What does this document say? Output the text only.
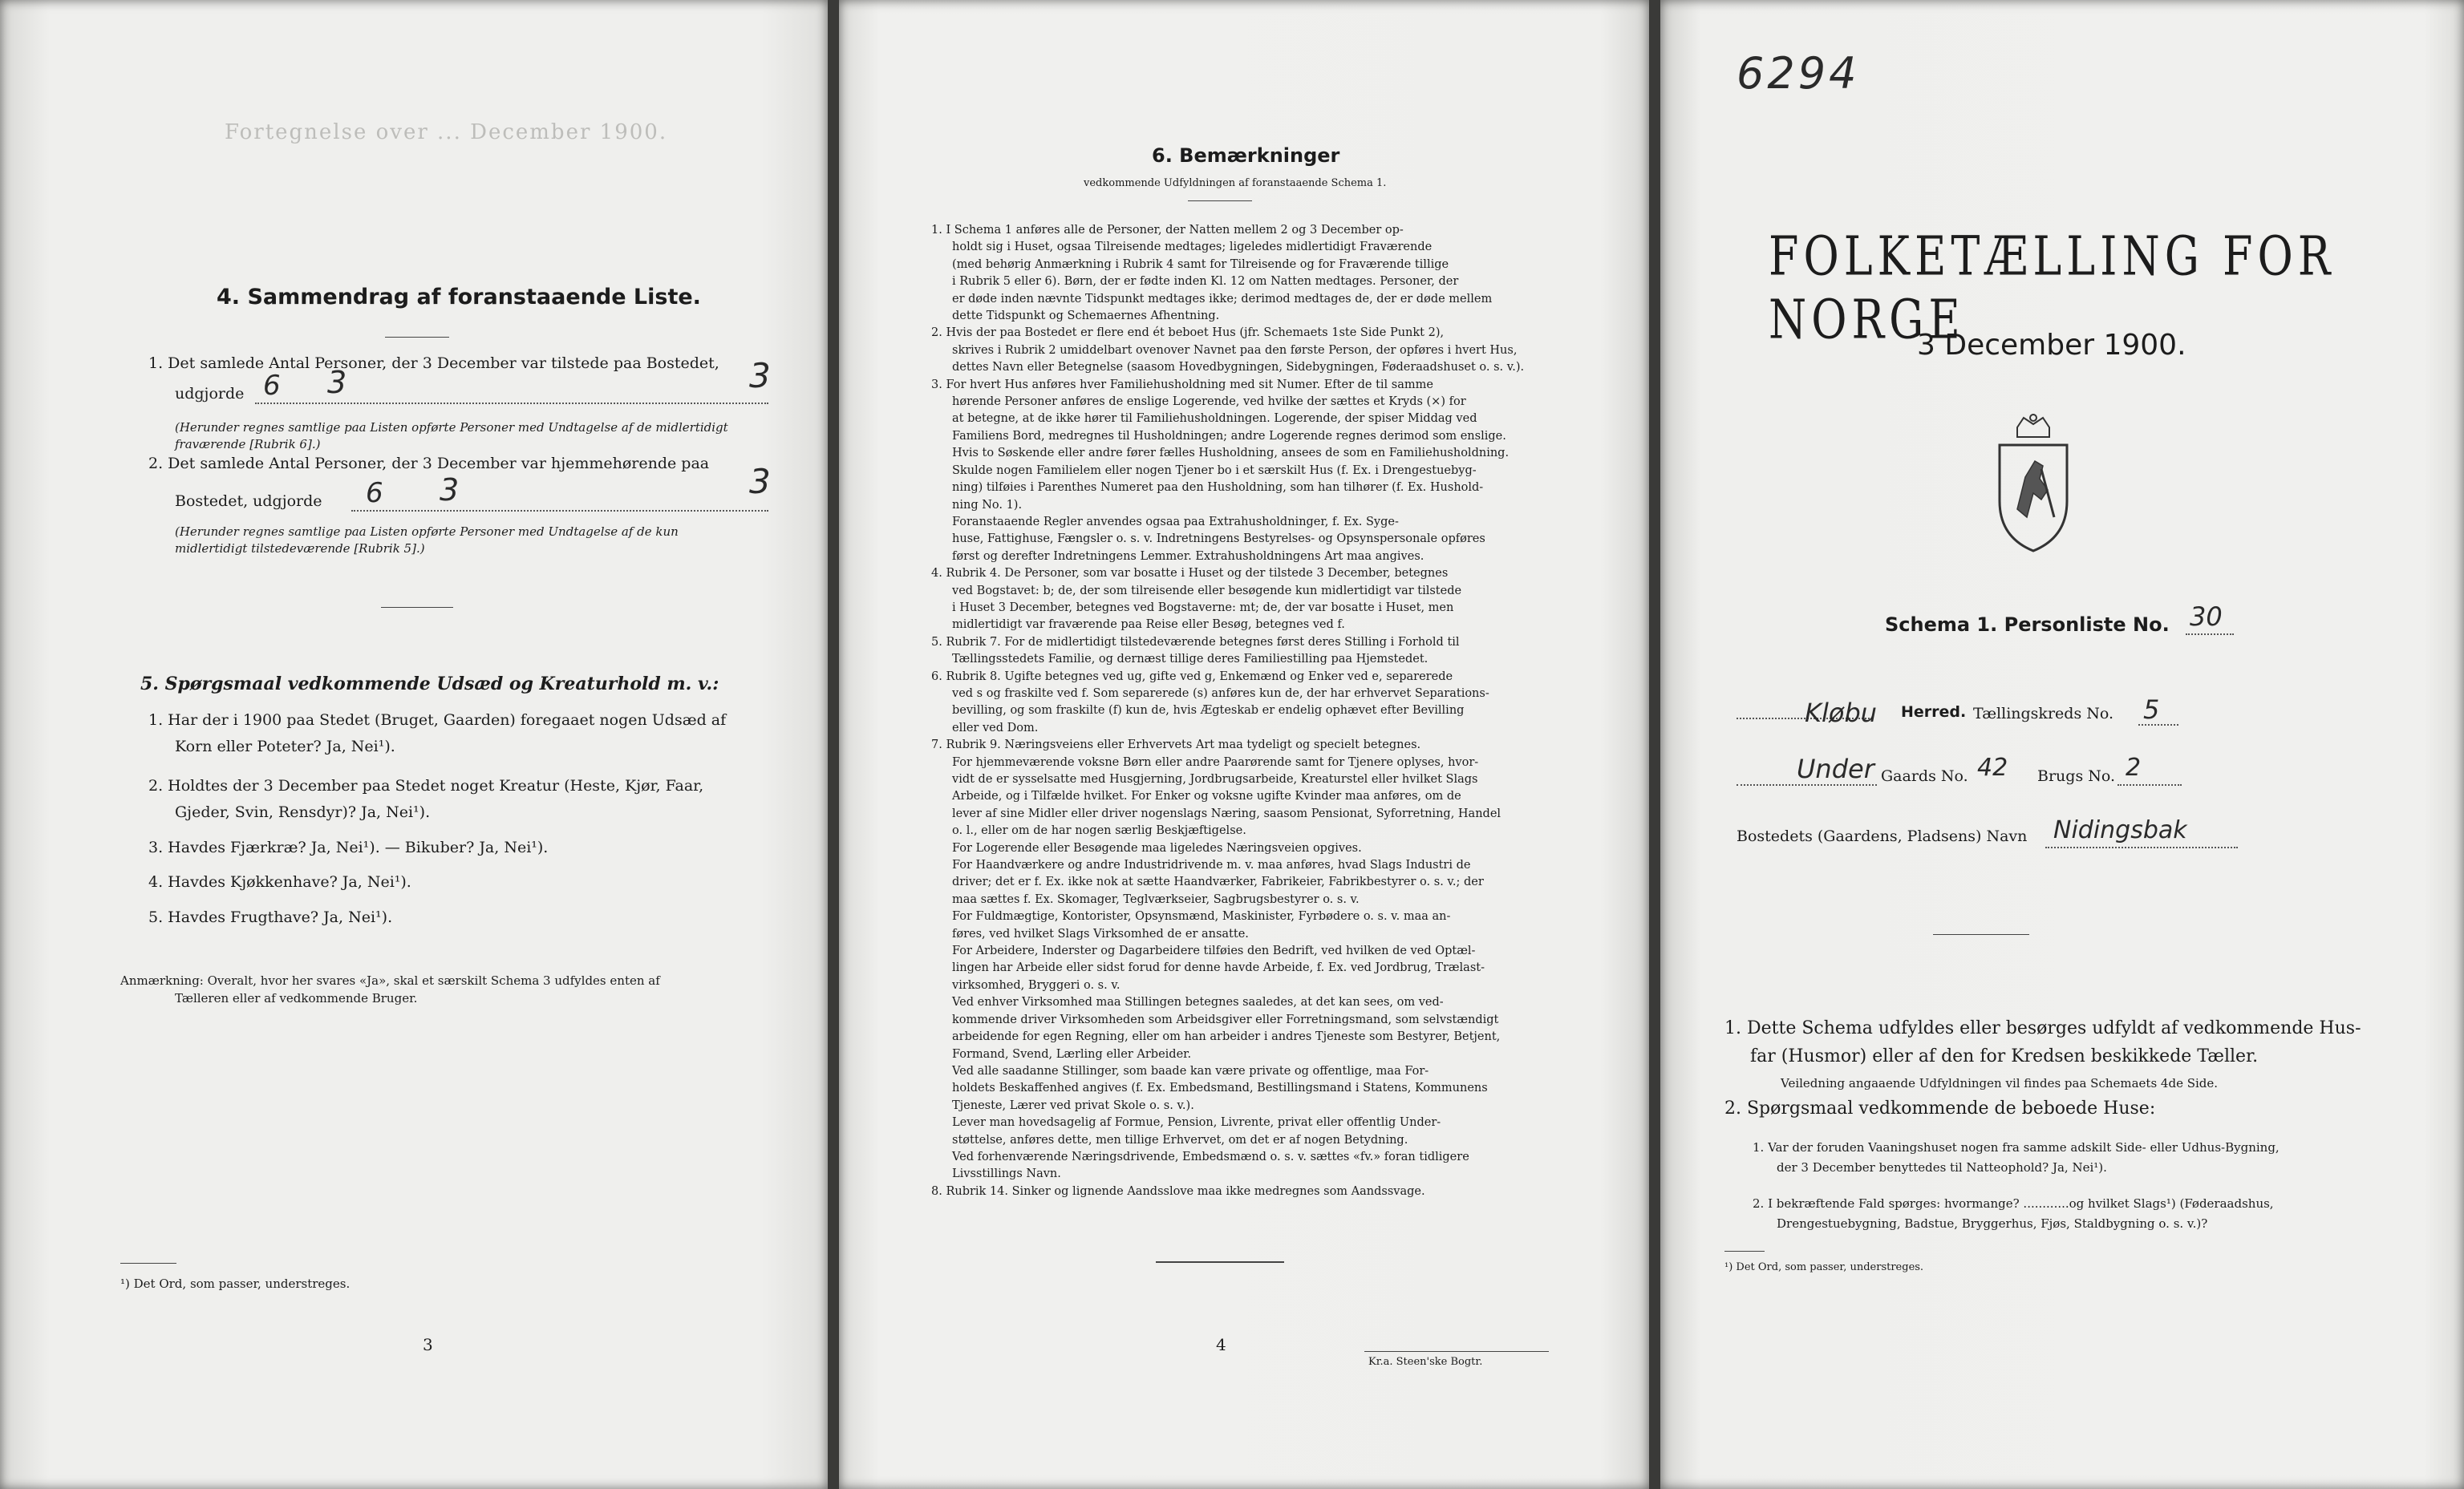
Fortegnelse over ... December 1900.
4. Sammendrag af foranstaaende Liste.
1. Det samlede Antal Personer, der 3 December var tilstede paa Bostedet,
udgjorde 6 3	3
(Herunder regnes samtlige paa Listen opførte Personer med Undtagelse af de midlertidigt
fraværende [Rubrik 6].)
2. Det samlede Antal Personer, der 3 December var hjemmehørende paa
Bostedet, udgjorde 6 3	3
(Herunder regnes samtlige paa Listen opførte Personer med Undtagelse af de kun
midlertidigt tilstedeværende [Rubrik 5].)
5. Spørgsmaal vedkommende Udsæd og Kreaturhold m. v.:
1. Har der i 1900 paa Stedet (Bruget, Gaarden) foregaaet nogen Udsæd af
Korn eller Poteter? Ja, Nei¹).
2. Holdtes der 3 December paa Stedet noget Kreatur (Heste, Kjør, Faar,
Gjeder, Svin, Rensdyr)? Ja, Nei¹).
3. Havdes Fjærkræ? Ja, Nei¹). — Bikuber? Ja, Nei¹).
4. Havdes Kjøkkenhave? Ja, Nei¹).
5. Havdes Frugthave? Ja, Nei¹).
Anmærkning: Overalt, hvor her svares «Ja», skal et særskilt Schema 3 udfyldes enten af
Tælleren eller af vedkommende Bruger.
¹) Det Ord, som passer, understreges.
3
6. Bemærkninger
vedkommende Udfyldningen af foranstaaende Schema 1.

1. I Schema 1 anføres alle de Personer, der Natten mellem 2 og 3 December op-

holdt sig i Huset, ogsaa Tilreisende medtages; ligeledes midlertidigt Fraværende

(med behørig Anmærkning i Rubrik 4 samt for Tilreisende og for Fraværende tillige

i Rubrik 5 eller 6). Børn, der er fødte inden Kl. 12 om Natten medtages. Personer, der

er døde inden nævnte Tidspunkt medtages ikke; derimod medtages de, der er døde mellem

dette Tidspunkt og Schemaernes Afhentning.

2. Hvis der paa Bostedet er flere end ét beboet Hus (jfr. Schemaets 1ste Side Punkt 2),

skrives i Rubrik 2 umiddelbart ovenover Navnet paa den første Person, der opføres i hvert Hus,

dettes Navn eller Betegnelse (saasom Hovedbygningen, Sidebygningen, Føderaadshuset o. s. v.).

3. For hvert Hus anføres hver Familiehusholdning med sit Numer. Efter de til samme

hørende Personer anføres de enslige Logerende, ved hvilke der sættes et Kryds (×) for

at betegne, at de ikke hører til Familiehusholdningen. Logerende, der spiser Middag ved

Familiens Bord, medregnes til Husholdningen; andre Logerende regnes derimod som enslige.

Hvis to Søskende eller andre fører fælles Husholdning, ansees de som en Familiehusholdning.

Skulde nogen Familielem eller nogen Tjener bo i et særskilt Hus (f. Ex. i Drengestuebyg-

ning) tilføies i Parenthes Numeret paa den Husholdning, som han tilhører (f. Ex. Hushold-

ning No. 1).

Foranstaaende Regler anvendes ogsaa paa Extrahusholdninger, f. Ex. Syge-

huse, Fattighuse, Fængsler o. s. v. Indretningens Bestyrelses- og Opsynspersonale opføres

først og derefter Indretningens Lemmer. Extrahusholdningens Art maa angives.

4. Rubrik 4. De Personer, som var bosatte i Huset og der tilstede 3 December, betegnes

ved Bogstavet: b; de, der som tilreisende eller besøgende kun midlertidigt var tilstede

i Huset 3 December, betegnes ved Bogstaverne: mt; de, der var bosatte i Huset, men

midlertidigt var fraværende paa Reise eller Besøg, betegnes ved f.

5. Rubrik 7. For de midlertidigt tilstedeværende betegnes først deres Stilling i Forhold til

Tællingsstedets Familie, og dernæst tillige deres Familiestilling paa Hjemstedet.

6. Rubrik 8. Ugifte betegnes ved ug, gifte ved g, Enkemænd og Enker ved e, separerede

ved s og fraskilte ved f. Som separerede (s) anføres kun de, der har erhvervet Separations-

bevilling, og som fraskilte (f) kun de, hvis Ægteskab er endelig ophævet efter Bevilling

eller ved Dom.

7. Rubrik 9. Næringsveiens eller Erhvervets Art maa tydeligt og specielt betegnes.

For hjemmeværende voksne Børn eller andre Paarørende samt for Tjenere oplyses, hvor-

vidt de er sysselsatte med Husgjerning, Jordbrugsarbeide, Kreaturstel eller hvilket Slags

Arbeide, og i Tilfælde hvilket. For Enker og voksne ugifte Kvinder maa anføres, om de

lever af sine Midler eller driver nogenslags Næring, saasom Pensionat, Syforretning, Handel

o. l., eller om de har nogen særlig Beskjæftigelse.

For Logerende eller Besøgende maa ligeledes Næringsveien opgives.

For Haandværkere og andre Industridrivende m. v. maa anføres, hvad Slags Industri de

driver; det er f. Ex. ikke nok at sætte Haandværker, Fabrikeier, Fabrikbestyrer o. s. v.; der

maa sættes f. Ex. Skomager, Teglværkseier, Sagbrugsbestyrer o. s. v.

For Fuldmægtige, Kontorister, Opsynsmænd, Maskinister, Fyrbødere o. s. v. maa an-

føres, ved hvilket Slags Virksomhed de er ansatte.

For Arbeidere, Inderster og Dagarbeidere tilføies den Bedrift, ved hvilken de ved Optæl-

lingen har Arbeide eller sidst forud for denne havde Arbeide, f. Ex. ved Jordbrug, Trælast-

virksomhed, Bryggeri o. s. v.

Ved enhver Virksomhed maa Stillingen betegnes saaledes, at det kan sees, om ved-

kommende driver Virksomheden som Arbeidsgiver eller Forretningsmand, som selvstændigt

arbeidende for egen Regning, eller om han arbeider i andres Tjeneste som Bestyrer, Betjent,

Formand, Svend, Lærling eller Arbeider.

Ved alle saadanne Stillinger, som baade kan være private og offentlige, maa For-

holdets Beskaffenhed angives (f. Ex. Embedsmand, Bestillingsmand i Statens, Kommunens

Tjeneste, Lærer ved privat Skole o. s. v.).

Lever man hovedsagelig af Formue, Pension, Livrente, privat eller offentlig Under-

støttelse, anføres dette, men tillige Erhvervet, om det er af nogen Betydning.

Ved forhenværende Næringsdrivende, Embedsmænd o. s. v. sættes «fv.» foran tidligere

Livsstillings Navn.

8. Rubrik 14. Sinker og lignende Aandsslove maa ikke medregnes som Aandssvage.

4
Kr.a. Steen'ske Bogtr.
6294
FOLKETÆLLING FOR NORGE
3 December 1900.
Schema 1. Personliste No. 30
Kløbu Herred. Tællingskreds No. 5
Under Gaards No. 42 Brugs No. 2
Bostedets (Gaardens, Pladsens) Navn Nidingsbak
1. Dette Schema udfyldes eller besørges udfyldt af vedkommende Hus-
far (Husmor) eller af den for Kredsen beskikkede Tæller.
Veiledning angaaende Udfyldningen vil findes paa Schemaets 4de Side.
2. Spørgsmaal vedkommende de beboede Huse:
1. Var der foruden Vaaningshuset nogen fra samme adskilt Side- eller Udhus-Bygning,
der 3 December benyttedes til Natteophold? Ja, Nei¹).
2. I bekræftende Fald spørges: hvormange? ............og hvilket Slags¹) (Føderaadshus,
Drengestuebygning, Badstue, Bryggerhus, Fjøs, Staldbygning o. s. v.)?
¹) Det Ord, som passer, understreges.
